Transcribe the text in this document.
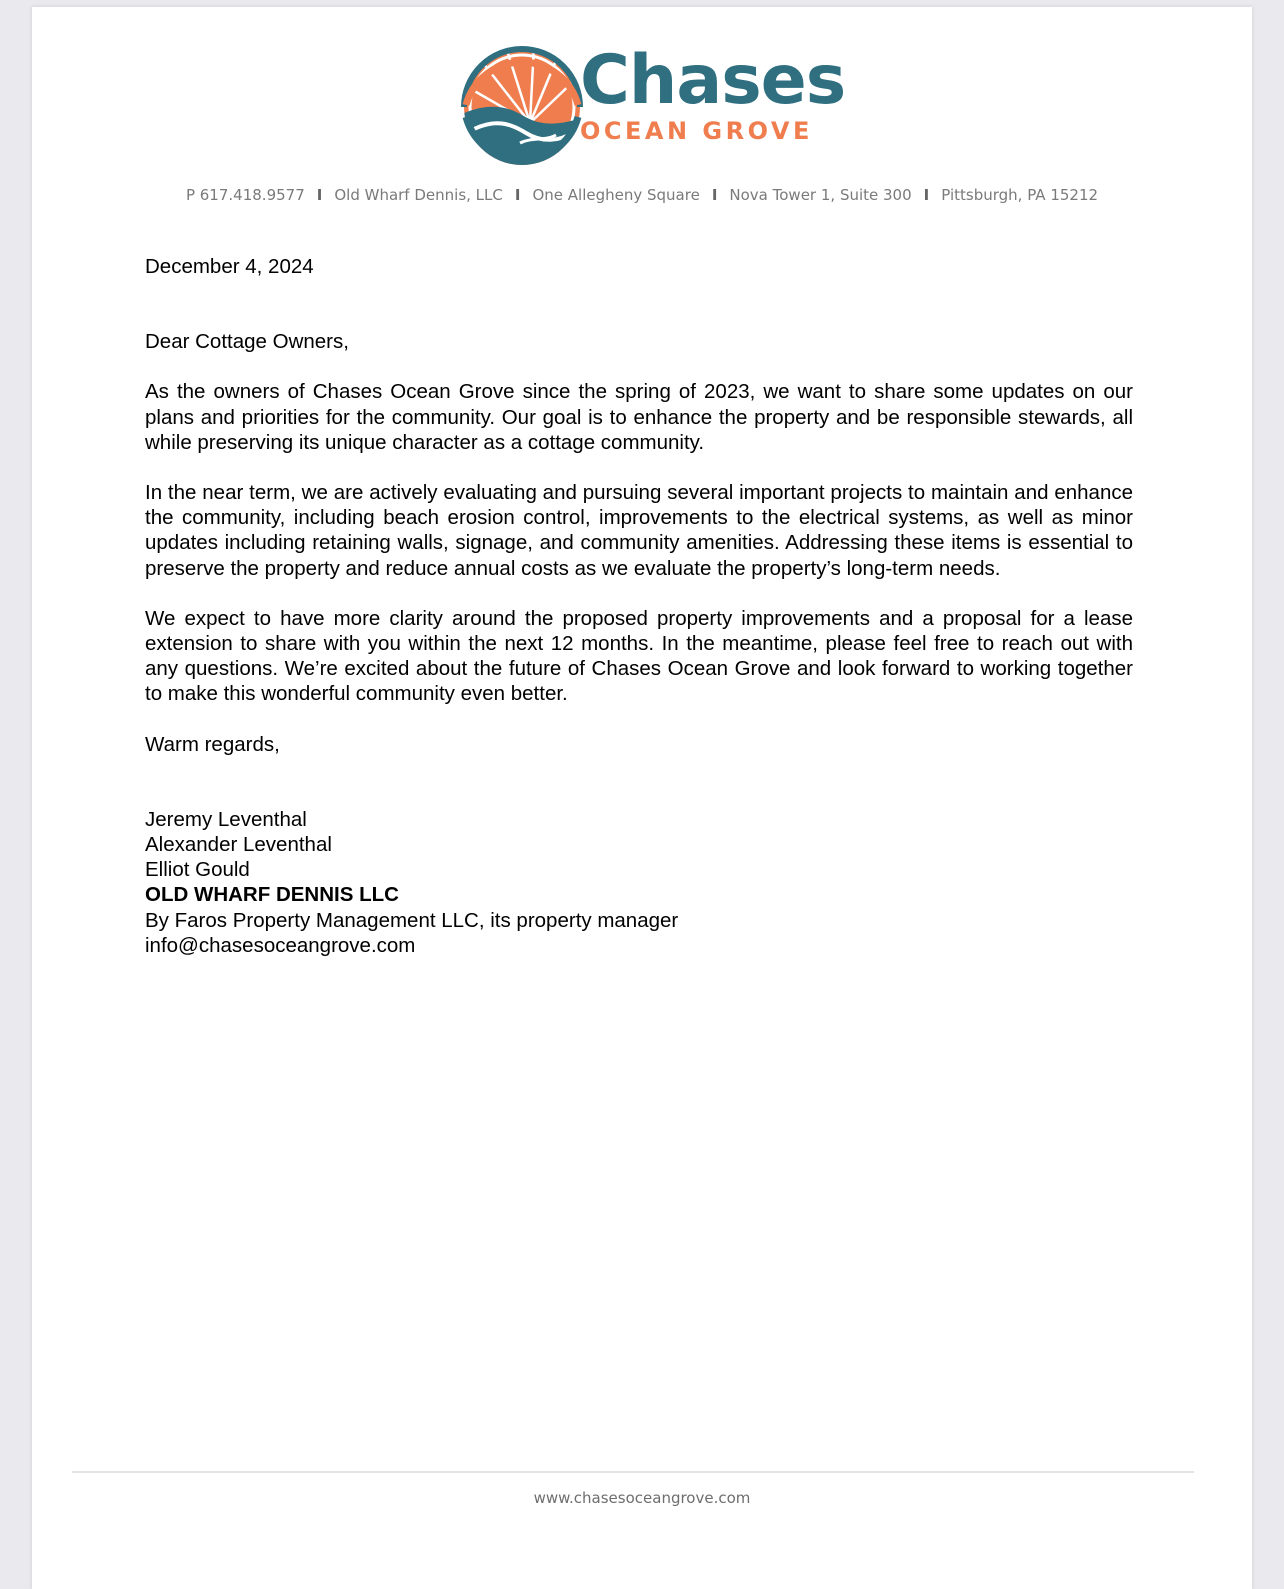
Chases
OCEAN GROVE
P 617.418.9577 I Old Wharf Dennis, LLC I One Allegheny Square I Nova Tower 1, Suite 300 I Pittsburgh, PA 15212

December 4, 2024

Dear Cottage Owners,

As the owners of Chases Ocean Grove since the spring of 2023, we want to share some updates on our plans and priorities for the community. Our goal is to enhance the property and be responsible stewards, all while preserving its unique character as a cottage community.

In the near term, we are actively evaluating and pursuing several important projects to maintain and enhance the community, including beach erosion control, improvements to the electrical systems, as well as minor updates including retaining walls, signage, and community amenities. Addressing these items is essential to preserve the property and reduce annual costs as we evaluate the property’s long-term needs.

We expect to have more clarity around the proposed property improvements and a proposal for a lease extension to share with you within the next 12 months. In the meantime, please feel free to reach out with any questions. We’re excited about the future of Chases Ocean Grove and look forward to working together to make this wonderful community even better.

Warm regards,

Jeremy Leventhal
Alexander Leventhal
Elliot Gould
OLD WHARF DENNIS LLC
By Faros Property Management LLC, its property manager
info@chasesoceangrove.com
www.chasesoceangrove.com
